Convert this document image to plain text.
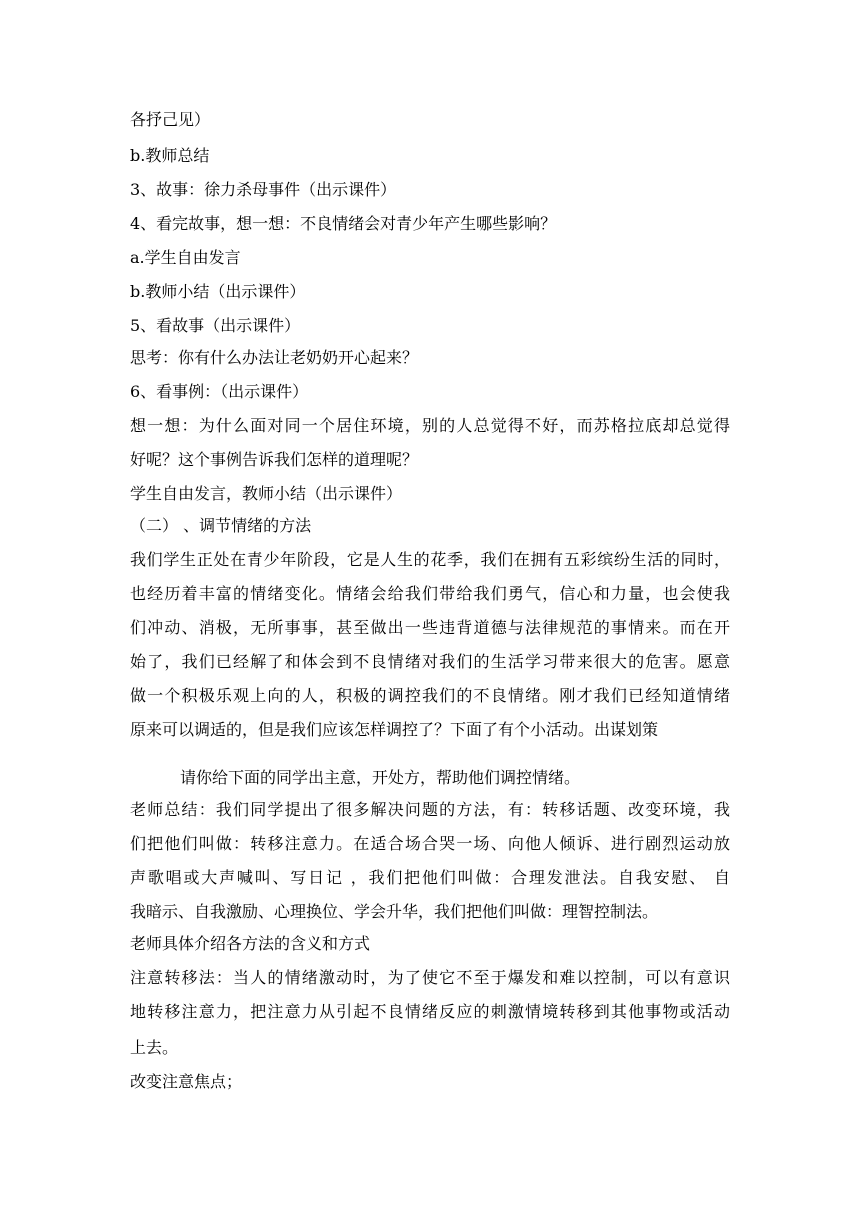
各抒己见）
b.教师总结
3、故事：徐力杀母事件（出示课件）
4、看完故事，想一想：不良情绪会对青少年产生哪些影响？
a.学生自由发言
b.教师小结（出示课件）
5、看故事（出示课件）
思考：你有什么办法让老奶奶开心起来？
6、看事例：（出示课件）
想一想：为什么面对同一个居住环境，别的人总觉得不好，而苏格拉底却总觉得
好呢？这个事例告诉我们怎样的道理呢？
学生自由发言，教师小结（出示课件）
（二） 、调节情绪的方法
我们学生正处在青少年阶段，它是人生的花季，我们在拥有五彩缤纷生活的同时，
也经历着丰富的情绪变化。情绪会给我们带给我们勇气，信心和力量，也会使我
们冲动、消极，无所事事，甚至做出一些违背道德与法律规范的事情来。而在开
始了，我们已经解了和体会到不良情绪对我们的生活学习带来很大的危害。愿意
做一个积极乐观上向的人，积极的调控我们的不良情绪。刚才我们已经知道情绪
原来可以调适的，但是我们应该怎样调控了？下面了有个小活动。出谋划策
请你给下面的同学出主意，开处方，帮助他们调控情绪。
老师总结：我们同学提出了很多解决问题的方法，有：转移话题、改变环境，我
们把他们叫做：转移注意力。在适合场合哭一场、向他人倾诉、进行剧烈运动放
声歌唱或大声喊叫、写日记 ，我们把他们叫做：合理发泄法。自我安慰、 自
我暗示、自我激励、心理换位、学会升华，我们把他们叫做：理智控制法。
老师具体介绍各方法的含义和方式
注意转移法：当人的情绪激动时，为了使它不至于爆发和难以控制，可以有意识
地转移注意力，把注意力从引起不良情绪反应的刺激情境转移到其他事物或活动
上去。
改变注意焦点；
